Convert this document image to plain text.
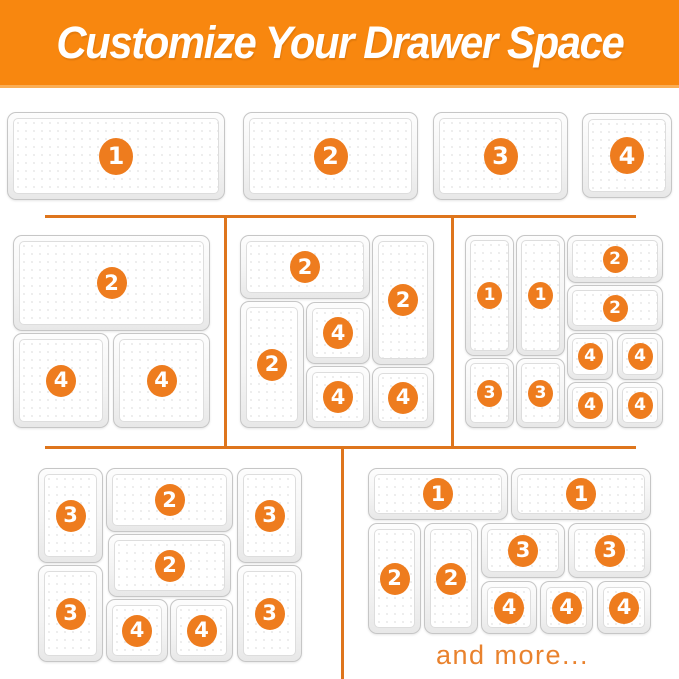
Customize Your Drawer Space
1	2	3	4
2
4	4
2
2
2
4
4	4
1	1
2
2
4	4
3	3
4	4
3
2
3
2
3
4	4
3
1	1
2	2
3	3
4	4	4
and more...
